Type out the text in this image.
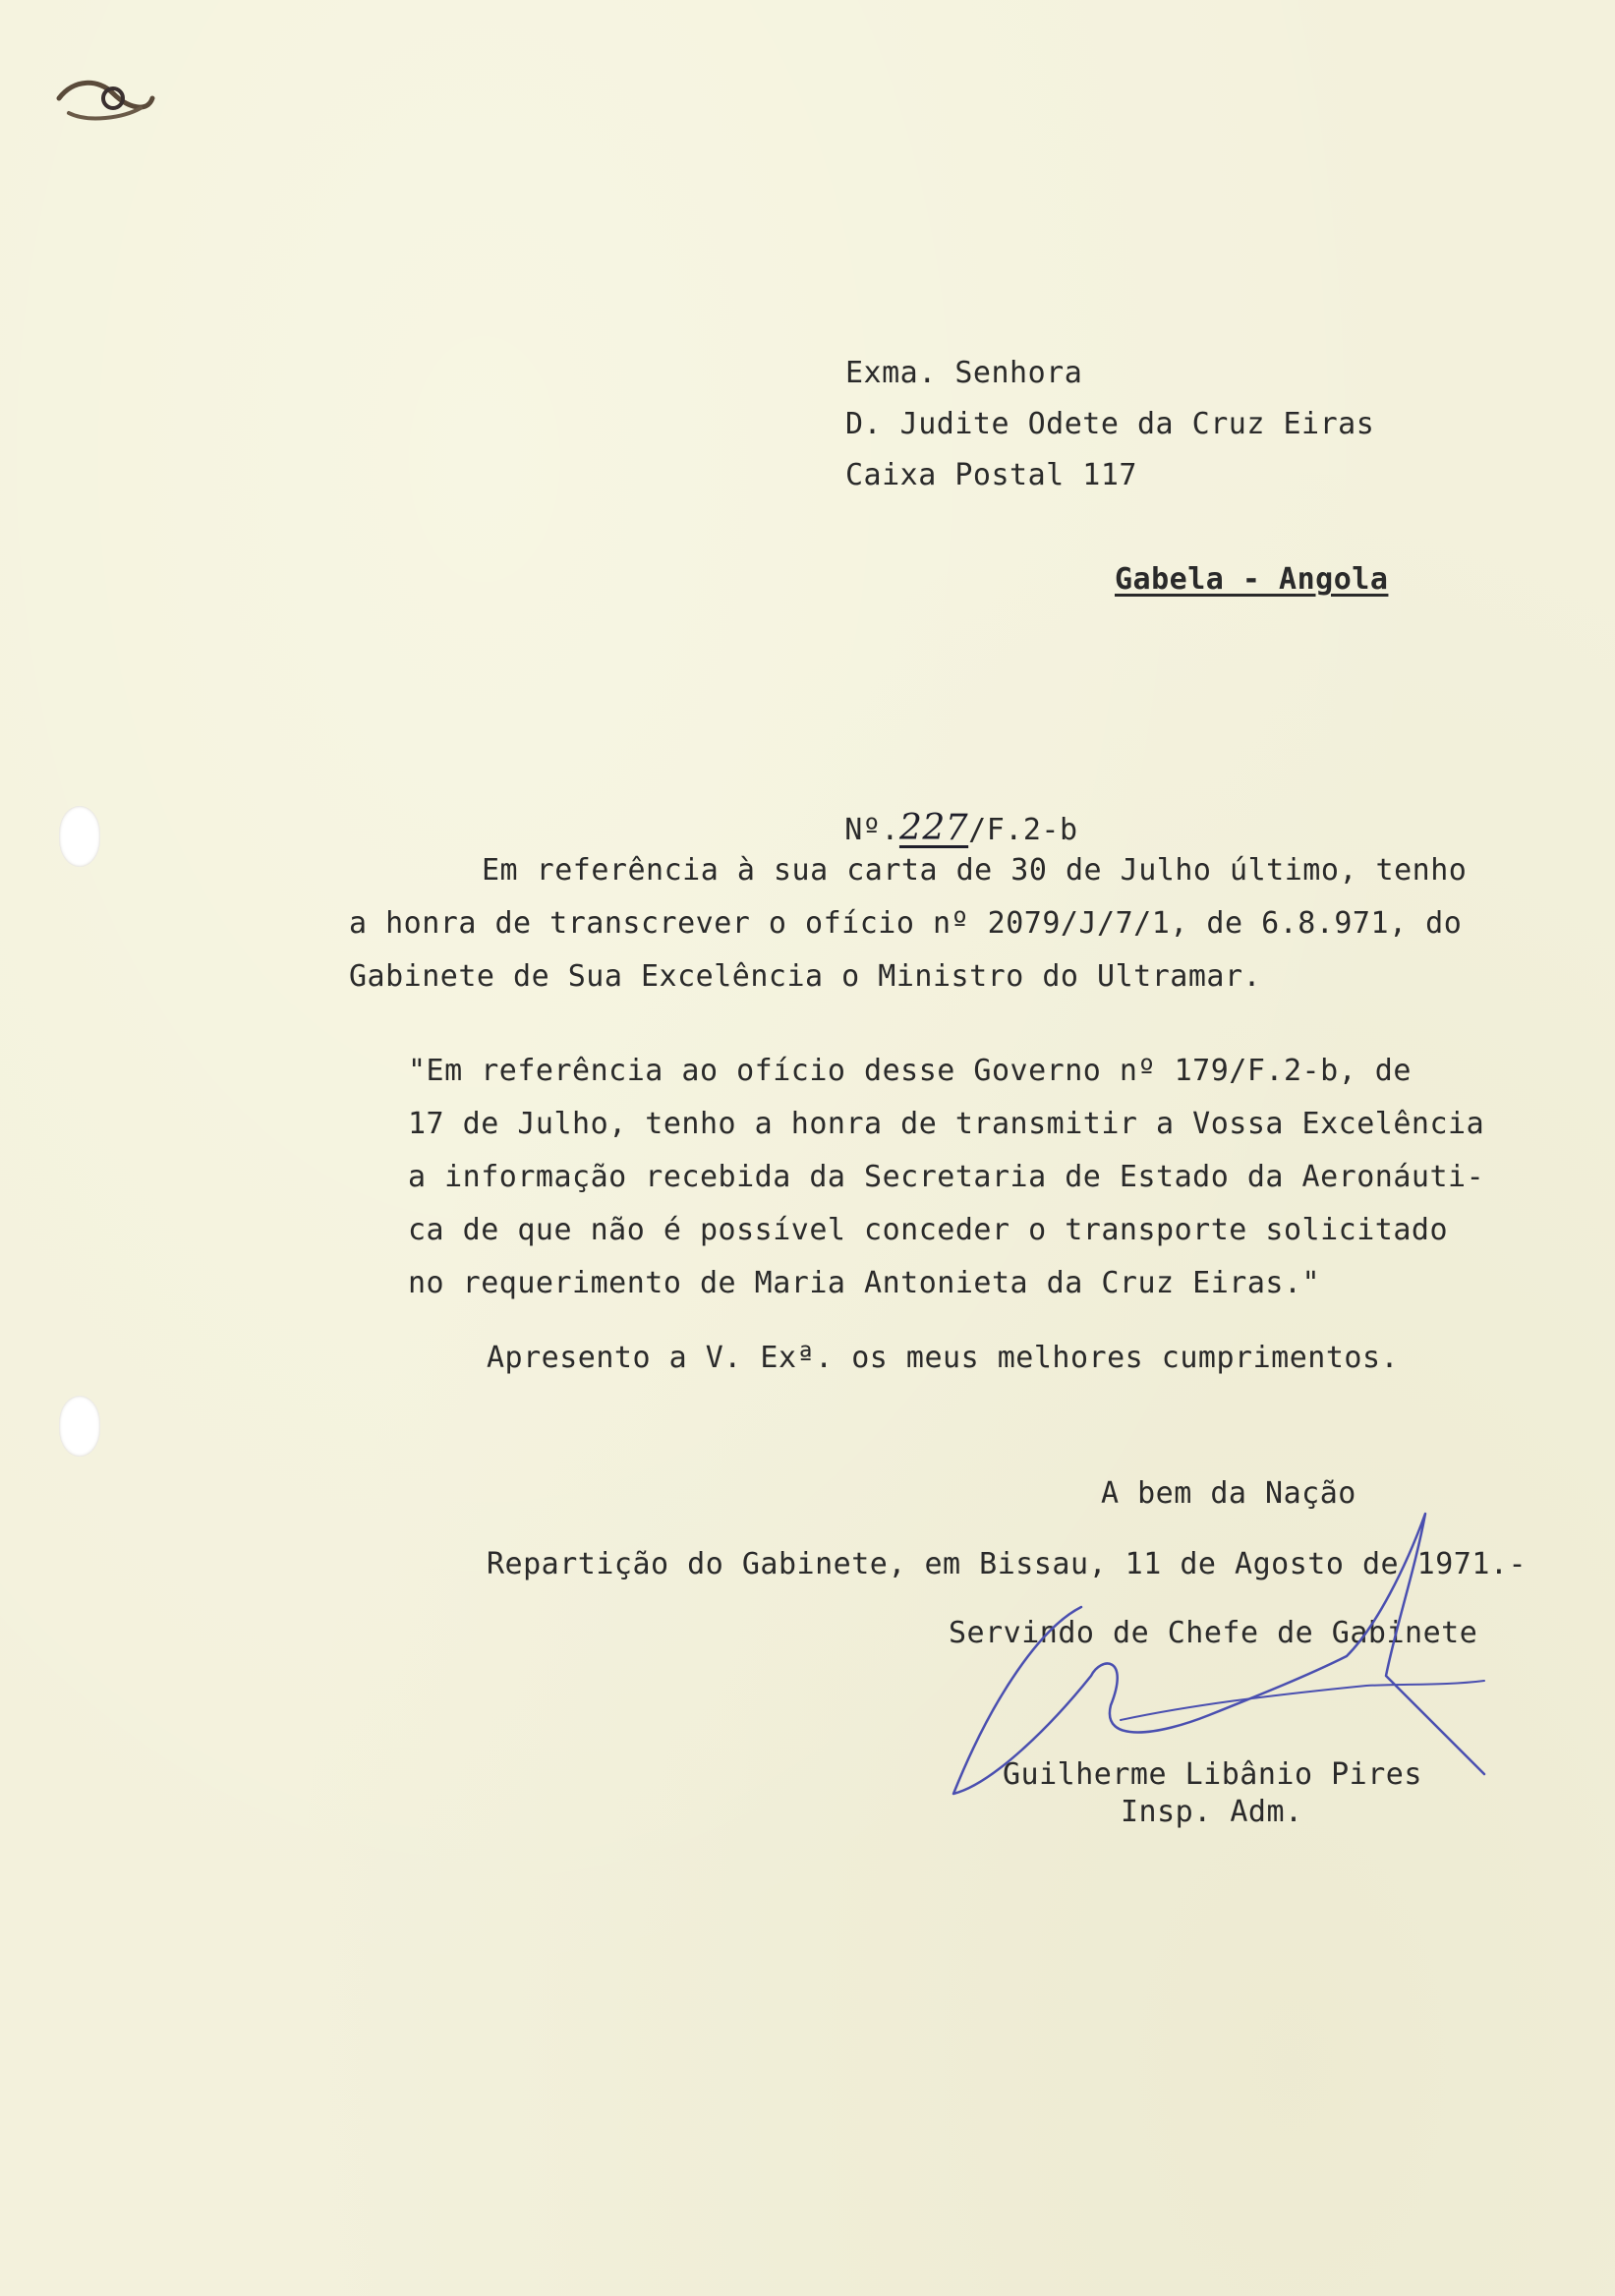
Exma. Senhora
D. Judite Odete da Cruz Eiras
Caixa Postal 117
Gabela - Angola

Nº.227/F.2-b

Em referência à sua carta de 30 de Julho último, tenho
a honra de transcrever o ofício nº 2079/J/7/1, de 6.8.971, do
Gabinete de Sua Excelência o Ministro do Ultramar.
"Em referência ao ofício desse Governo nº 179/F.2-b, de
17 de Julho, tenho a honra de transmitir a Vossa Excelência
a informação recebida da Secretaria de Estado da Aeronáuti-
ca de que não é possível conceder o transporte solicitado
no requerimento de Maria Antonieta da Cruz Eiras."
Apresento a V. Exª. os meus melhores cumprimentos.
A bem da Nação
Repartição do Gabinete, em Bissau, 11 de Agosto de 1971.-
Servindo de Chefe de Gabinete
Guilherme Libânio Pires
Insp. Adm.
